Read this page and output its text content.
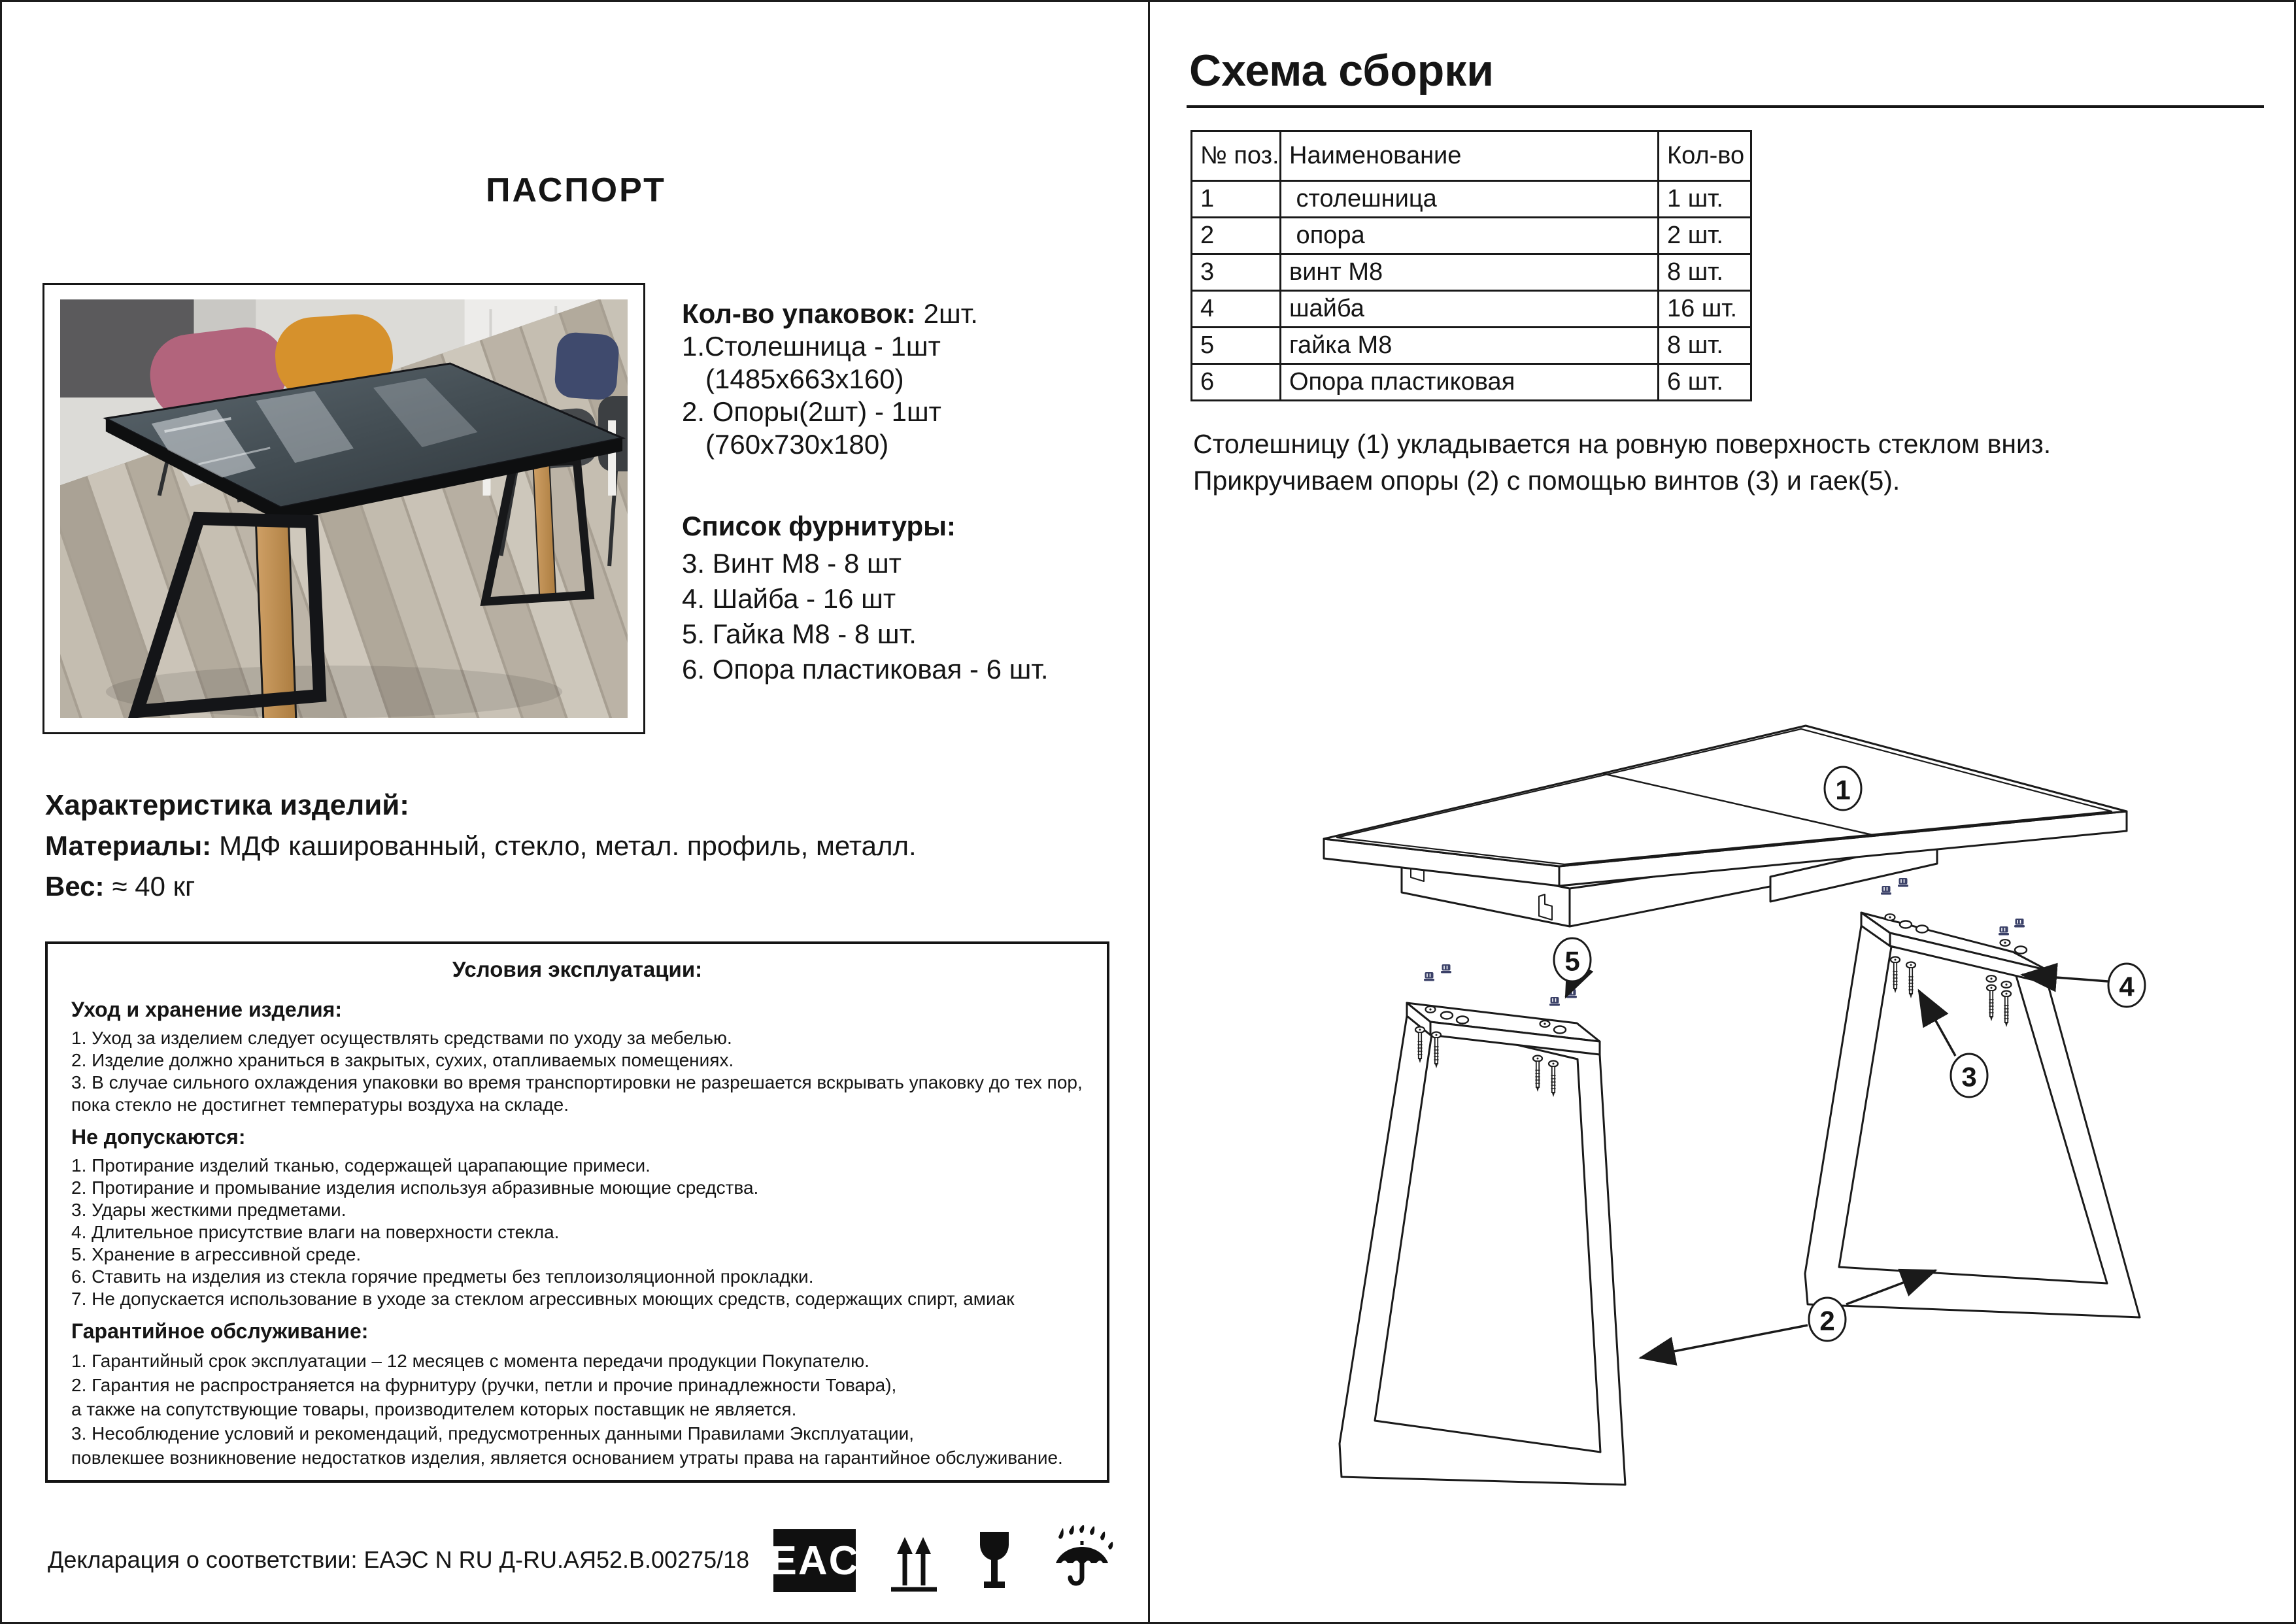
ПАСПОРТ
Кол-во упаковок: 2шт.
1.Столешница - 1шт
(1485х663х160)
2. Опоры(2шт) - 1шт
(760х730х180)
Список фурнитуры:
3. Винт М8 - 8 шт
4. Шайба - 16 шт
5. Гайка М8 - 8 шт.
6. Опора пластиковая - 6 шт.
Характеристика изделий:
Материалы: МДФ кашированный, стекло, метал. профиль, металл.
Вес: ≈ 40 кг
Условия эксплуатации:
Уход и хранение изделия:
1. Уход за изделием следует осуществлять средствами по уходу за мебелью.
2. Изделие должно храниться в закрытых, сухих, отапливаемых помещениях.
3. В случае сильного охлаждения упаковки во время транспортировки не разрешается вскрывать упаковку до тех пор,
пока стекло не достигнет температуры воздуха на складе.
Не допускаются:
1. Протирание изделий тканью, содержащей царапающие примеси.
2. Протирание и промывание изделия используя абразивные моющие средства.
3. Удары жесткими предметами.
4. Длительное присутствие влаги на поверхности стекла.
5. Хранение в агрессивной среде.
6. Ставить на изделия из стекла горячие предметы без теплоизоляционной прокладки.
7. Не допускается использование в уходе за стеклом агрессивных моющих средств, содержащих спирт, амиак
Гарантийное обслуживание:
1. Гарантийный срок эксплуатации – 12 месяцев с момента передачи продукции Покупателю.
2. Гарантия не распространяется на фурнитуру (ручки, петли и прочие принадлежности Товара),
а также на сопутствующие товары, производителем которых поставщик не является.
3. Несоблюдение условий и рекомендаций, предусмотренных данными Правилами Эксплуатации,
повлекшее возникновение недостатков изделия, является основанием утраты права на гарантийное обслуживание.
Декларация о соответствии: ЕАЭС N RU Д-RU.АЯ52.В.00275/18 EAC
Схема сборки
№ поз.	Наименование	Кол-во
1	столешница	1 шт.
2	опора	2 шт.
3	винт М8	8 шт.
4	шайба	16 шт.
5	гайка М8	8 шт.
6	Опора пластиковая	6 шт.
Столешницу (1) укладывается на ровную поверхность стеклом вниз.
Прикручиваем опоры (2) с помощью винтов (3) и гаек(5).
1
5
3
4
2
